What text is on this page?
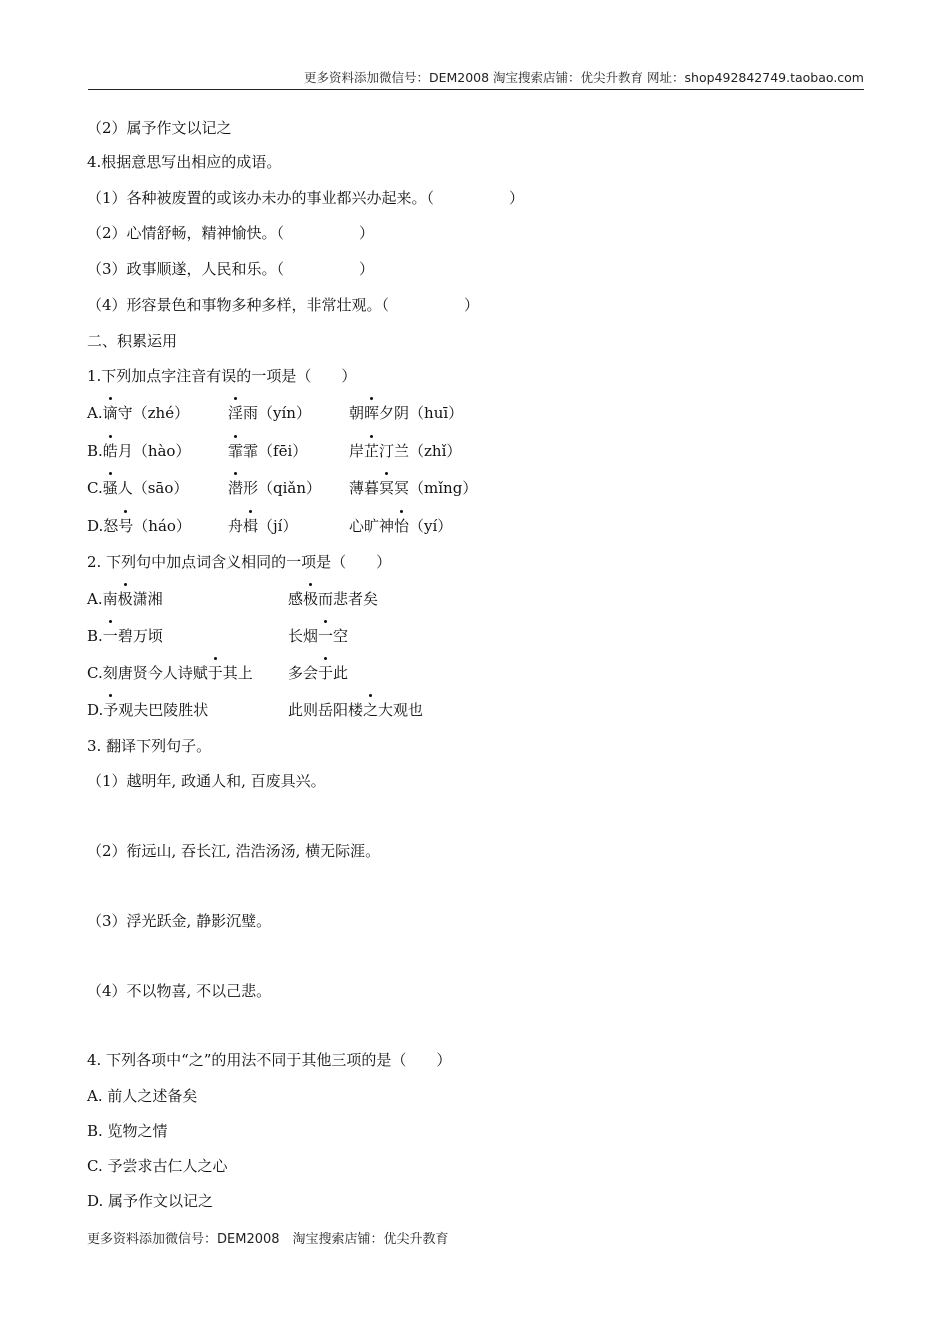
更多资料添加微信号：DEM2008 淘宝搜索店铺：优尖升教育 网址：shop492842749.taobao.com
（2）属予作文以记之
4.根据意思写出相应的成语。
（1）各种被废置的或该办未办的事业都兴办起来。（　　　　　）
（2）心情舒畅，精神愉快。（　　　　　）
（3）政事顺遂，人民和乐。（　　　　　）
（4）形容景色和事物多种多样，非常壮观。（　　　　　）
二、积累运用
1.下列加点字注音有误的一项是（　　）
A.谪守（zhé）	淫雨（yín）	朝晖夕阴（huī）
B.皓月（hào）	霏霏（fēi）	岸芷汀兰（zhǐ）
C.骚人（sāo）	潜形（qiǎn） 薄暮冥冥（mǐng）
D.怒号（háo） 舟楫（jí）	心旷神怡（yí）
2. 下列句中加点词含义相同的一项是（　　）
A.南极潇湘	感极而悲者矣
B.一碧万顷	长烟一空
C.刻唐贤今人诗赋于其上 多会于此
D.予观夫巴陵胜状	此则岳阳楼之大观也
3. 翻译下列句子。
（1）越明年, 政通人和, 百废具兴。
（2）衔远山, 吞长江, 浩浩汤汤, 横无际涯。
（3）浮光跃金, 静影沉璧。
（4）不以物喜, 不以己悲。
4. 下列各项中“之”的用法不同于其他三项的是（　　）
A. 前人之述备矣
B. 览物之情
C. 予尝求古仁人之心
D. 属予作文以记之
更多资料添加微信号：DEM2008　淘宝搜索店铺：优尖升教育
